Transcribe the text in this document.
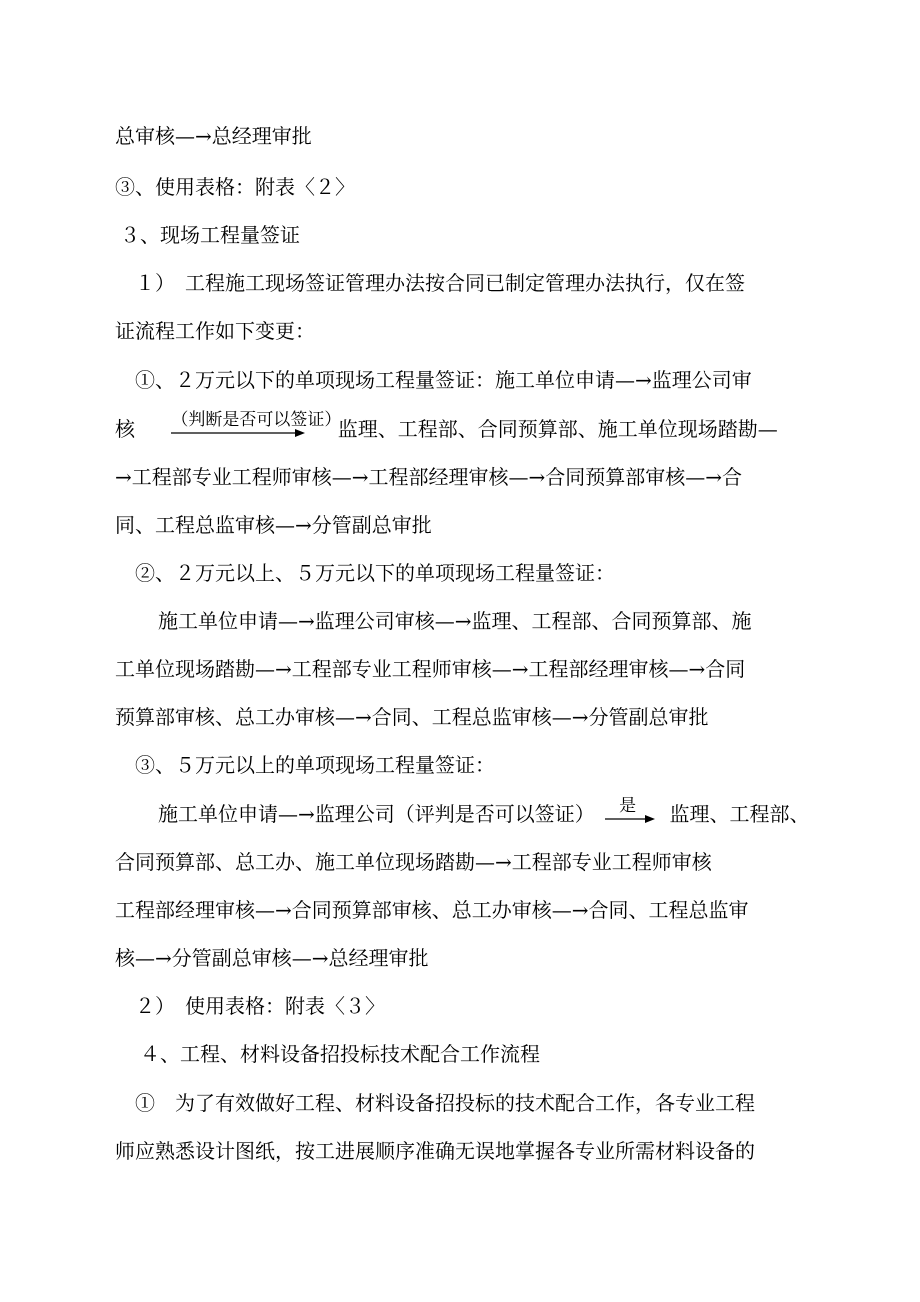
总审核—→总经理审批
③、使用表格：附表〈２〉
３、现场工程量签证
１）　工程施工现场签证管理办法按合同已制定管理办法执行，仅在签
证流程工作如下变更：
①、２万元以下的单项现场工程量签证：施工单位申请—→监理公司审
核 （判断是否可以签证）
监理、工程部、合同预算部、施工单位现场踏勘—
→工程部专业工程师审核—→工程部经理审核—→合同预算部审核—→合
同、工程总监审核—→分管副总审批
②、２万元以上、５万元以下的单项现场工程量签证：
施工单位申请—→监理公司审核—→监理、工程部、合同预算部、施
工单位现场踏勘—→工程部专业工程师审核—→工程部经理审核—→合同
预算部审核、总工办审核—→合同、工程总监审核—→分管副总审批
③、５万元以上的单项现场工程量签证：
施工单位申请—→监理公司（评判是否可以签证） 是 监理、工程部、
合同预算部、总工办、施工单位现场踏勘—→工程部专业工程师审核
工程部经理审核—→合同预算部审核、总工办审核—→合同、工程总监审
核—→分管副总审核—→总经理审批
２）　使用表格：附表〈３〉
４、工程、材料设备招投标技术配合工作流程
①　为了有效做好工程、材料设备招投标的技术配合工作，各专业工程
师应熟悉设计图纸，按工进展顺序准确无误地掌握各专业所需材料设备的
